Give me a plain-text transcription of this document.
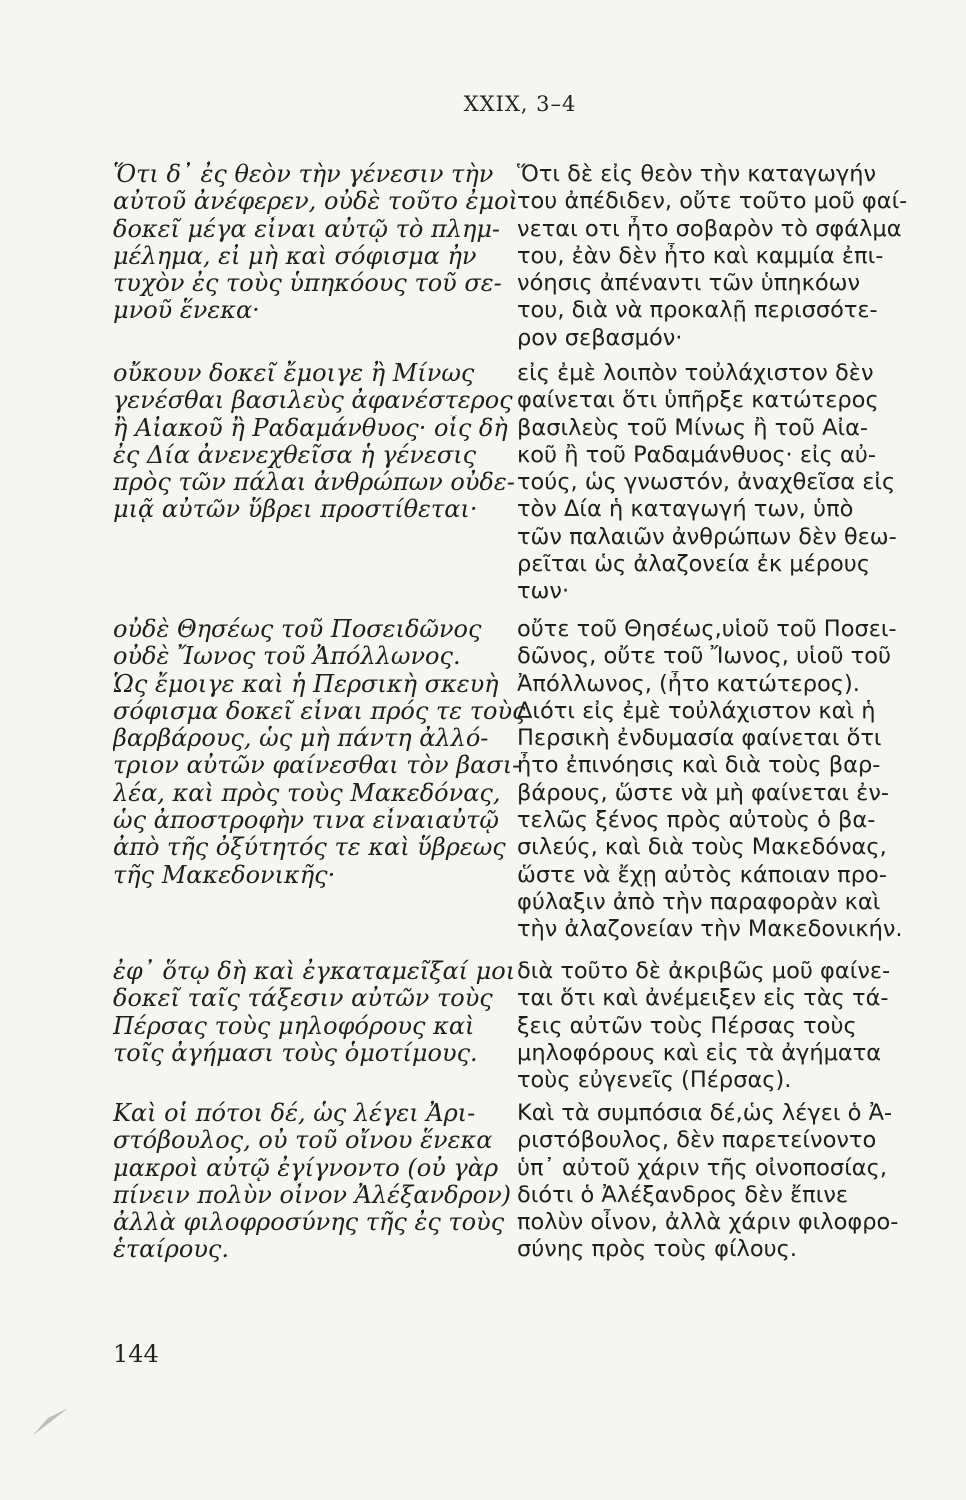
XXIX, 3–4
Ὅτι δ᾽ ἐς θεὸν τὴν γένεσιν τὴν
αὐτοῦ ἀνέφερεν, οὐδὲ τοῦτο ἐμοὶ
δοκεῖ μέγα εἶναι αὐτῷ τὸ πλημ-
μέλημα, εἰ μὴ καὶ σόφισμα ἦν
τυχὸν ἐς τοὺς ὑπηκόους τοῦ σε-
μνοῦ ἕνεκα·
οὔκουν δοκεῖ ἔμοιγε ἢ Μίνως
γενέσθαι βασιλεὺς ἀφανέστερος
ἢ Αἰακοῦ ἢ Ραδαμάνθυος· οἷς δὴ
ἐς Δία ἀνενεχθεῖσα ἡ γένεσις
πρὸς τῶν πάλαι ἀνθρώπων οὐδε-
μιᾷ αὐτῶν ὕβρει προστίθεται·
οὐδὲ Θησέως τοῦ Ποσειδῶνος
οὐδὲ Ἴωνος τοῦ Ἀπόλλωνος.
Ὡς ἔμοιγε καὶ ἡ Περσικὴ σκευὴ
σόφισμα δοκεῖ εἶναι πρός τε τοὺς
βαρβάρους, ὡς μὴ πάντη ἀλλό-
τριον αὐτῶν φαίνεσθαι τὸν βασι-
λέα, καὶ πρὸς τοὺς Μακεδόνας,
ὡς ἀποστροφὴν τινα εἶναιαὐτῷ
ἀπὸ τῆς ὀξύτητός τε καὶ ὕβρεως
τῆς Μακεδονικῆς·
ἐφ᾽ ὅτῳ δὴ καὶ ἐγκαταμεῖξαί μοι
δοκεῖ ταῖς τάξεσιν αὐτῶν τοὺς
Πέρσας τοὺς μηλοφόρους καὶ
τοῖς ἀγήμασι τοὺς ὁμοτίμους.
Καὶ οἱ πότοι δέ, ὡς λέγει Ἀρι-
στόβουλος, οὐ τοῦ οἴνου ἕνεκα
μακροὶ αὐτῷ ἐγίγνοντο (οὐ γὰρ
πίνειν πολὺν οἶνον Ἀλέξανδρον)
ἀλλὰ φιλοφροσύνης τῆς ἐς τοὺς
ἑταίρους.
Ὅτι δὲ εἰς θεὸν τὴν καταγωγήν
του ἀπέδιδεν, οὔτε τοῦτο μοῦ φαί-
νεται οτι ἦτο σοβαρὸν τὸ σφάλμα
του, ἐὰν δὲν ἦτο καὶ καμμία ἐπι-
νόησις ἀπέναντι τῶν ὑπηκόων
του, διὰ νὰ προκαλῇ περισσότε-
ρον σεβασμόν·
εἰς ἐμὲ λοιπὸν τοὐλάχιστον δὲν
φαίνεται ὅτι ὑπῆρξε κατώτερος
βασιλεὺς τοῦ Μίνως ἢ τοῦ Αἰα-
κοῦ ἢ τοῦ Ραδαμάνθυος· εἰς αὐ-
τούς, ὡς γνωστόν, ἀναχθεῖσα εἰς
τὸν Δία ἡ καταγωγή των, ὑπὸ
τῶν παλαιῶν ἀνθρώπων δὲν θεω-
ρεῖται ὡς ἀλαζονεία ἐκ μέρους
των·
οὔτε τοῦ Θησέως,υἱοῦ τοῦ Ποσει-
δῶνος, οὔτε τοῦ Ἴωνος, υἱοῦ τοῦ
Ἀπόλλωνος, (ἦτο κατώτερος).
Διότι εἰς ἐμὲ τοὐλάχιστον καὶ ἡ
Περσικὴ ἐνδυμασία φαίνεται ὅτι
ἦτο ἐπινόησις καὶ διὰ τοὺς βαρ-
βάρους, ὥστε νὰ μὴ φαίνεται ἐν-
τελῶς ξένος πρὸς αὐτοὺς ὁ βα-
σιλεύς, καὶ διὰ τοὺς Μακεδόνας,
ὥστε νὰ ἔχῃ αὐτὸς κάποιαν προ-
φύλαξιν ἀπὸ τὴν παραφορὰν καὶ
τὴν ἀλαζονείαν τὴν Μακεδονικήν.
διὰ τοῦτο δὲ ἀκριβῶς μοῦ φαίνε-
ται ὅτι καὶ ἀνέμειξεν εἰς τὰς τά-
ξεις αὐτῶν τοὺς Πέρσας τοὺς
μηλοφόρους καὶ εἰς τὰ ἀγήματα
τοὺς εὐγενεῖς (Πέρσας).
Καὶ τὰ συμπόσια δέ,ὡς λέγει ὁ Ἀ-
ριστόβουλος, δὲν παρετείνοντο
ὑπ᾽ αὐτοῦ χάριν τῆς οἰνοποσίας,
διότι ὁ Ἀλέξανδρος δὲν ἔπινε
πολὺν οἶνον, ἀλλὰ χάριν φιλοφρο-
σύνης πρὸς τοὺς φίλους.
144
